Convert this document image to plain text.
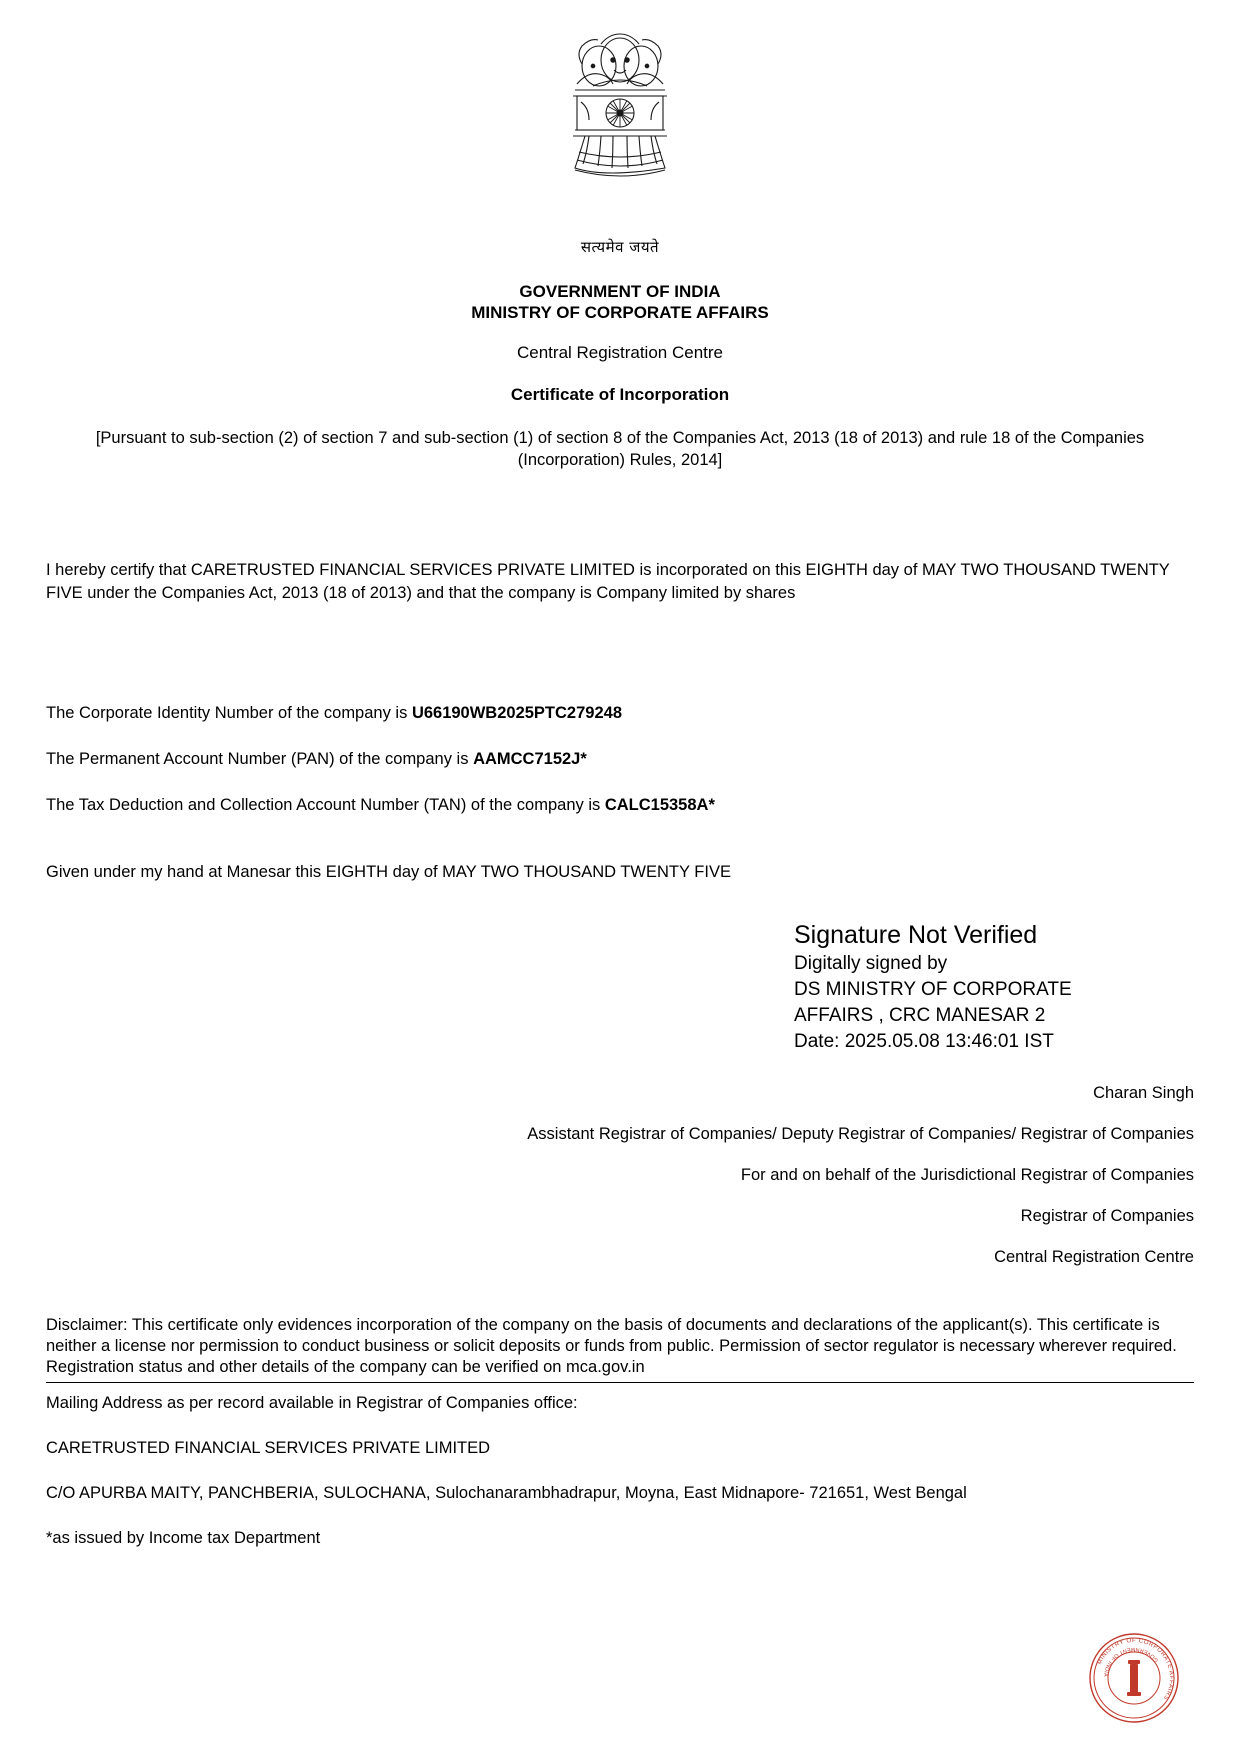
सत्यमेव जयते
GOVERNMENT OF INDIA
MINISTRY OF CORPORATE AFFAIRS
Central Registration Centre
Certificate of Incorporation
[Pursuant to sub-section (2) of section 7 and sub-section (1) of section 8 of the Companies Act, 2013 (18 of 2013) and rule 18 of the Companies (Incorporation) Rules, 2014]
I hereby certify that CARETRUSTED FINANCIAL SERVICES PRIVATE LIMITED is incorporated on this EIGHTH day of MAY TWO THOUSAND TWENTY FIVE under the Companies Act, 2013 (18 of 2013) and that the company is Company limited by shares
The Corporate Identity Number of the company is U66190WB2025PTC279248
The Permanent Account Number (PAN) of the company is AAMCC7152J*
The Tax Deduction and Collection Account Number (TAN) of the company is CALC15358A*
Given under my hand at Manesar this EIGHTH day of MAY TWO THOUSAND TWENTY FIVE
?
Signature Not Verified
Digitally signed by
DS MINISTRY OF CORPORATE
AFFAIRS , CRC MANESAR 2
Date: 2025.05.08 13:46:01 IST
Charan Singh
Assistant Registrar of Companies/ Deputy Registrar of Companies/ Registrar of Companies
For and on behalf of the Jurisdictional Registrar of Companies
Registrar of Companies
Central Registration Centre
Disclaimer: This certificate only evidences incorporation of the company on the basis of documents and declarations of the applicant(s). This certificate is neither a license nor permission to conduct business or solicit deposits or funds from public. Permission of sector regulator is necessary wherever required. Registration status and other details of the company can be verified on mca.gov.in
Mailing Address as per record available in Registrar of Companies office:
CARETRUSTED FINANCIAL SERVICES PRIVATE LIMITED
C/O APURBA MAITY, PANCHBERIA, SULOCHANA, Sulochanarambhadrapur, Moyna, East Midnapore- 721651, West Bengal
*as issued by Income tax Department
MINISTRY OF CORPORATE AFFAIRS
GOVERNMENT OF INDIA
